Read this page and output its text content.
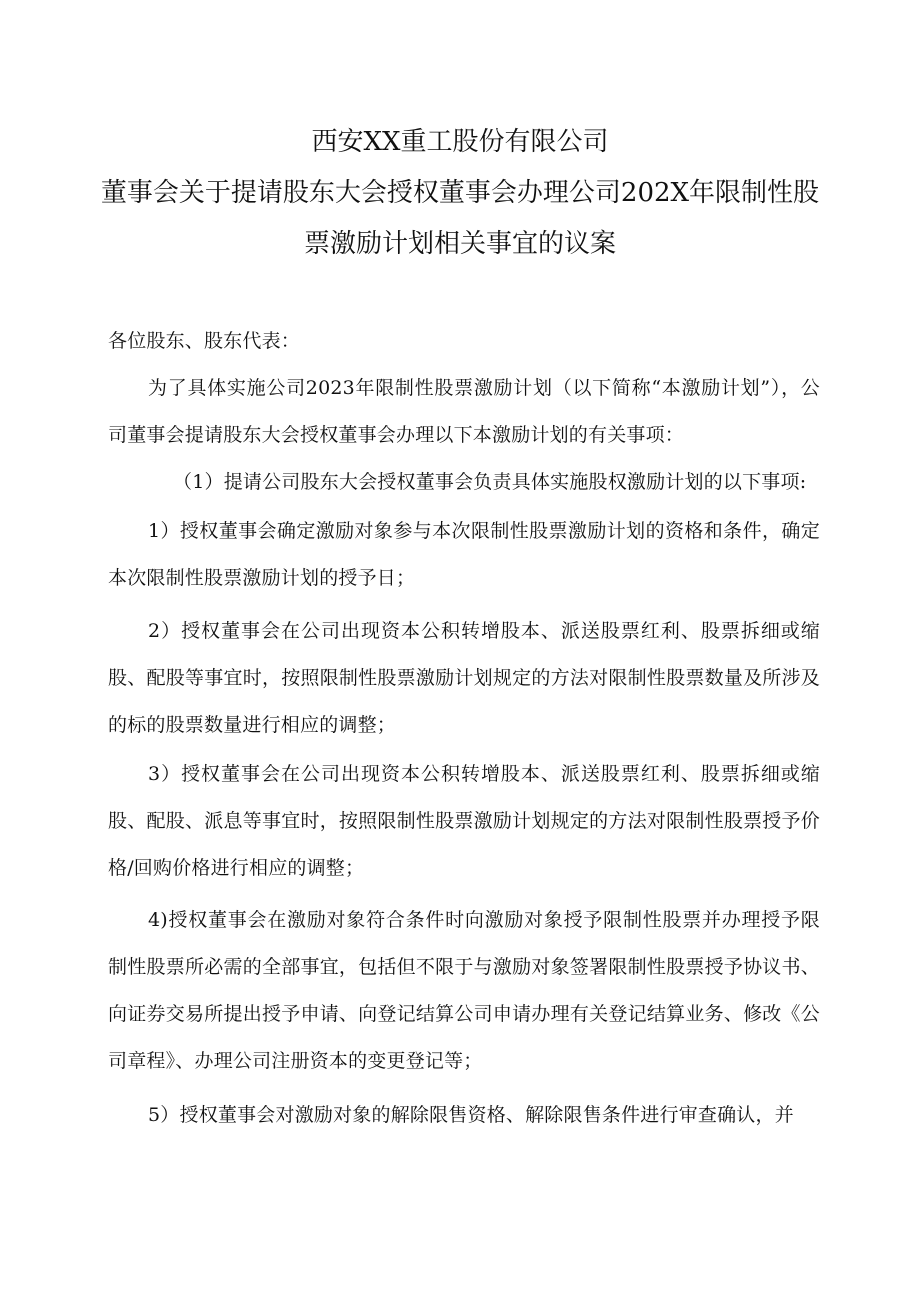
西安XX重工股份有限公司
董事会关于提请股东大会授权董事会办理公司202X年限制性股
票激励计划相关事宜的议案
各位股东、股东代表：
为了具体实施公司2023年限制性股票激励计划（以下简称“本激励计划”），公司董事会提请股东大会授权董事会办理以下本激励计划的有关事项：
（1）提请公司股东大会授权董事会负责具体实施股权激励计划的以下事项:
1）授权董事会确定激励对象参与本次限制性股票激励计划的资格和条件，确定本次限制性股票激励计划的授予日；
2）授权董事会在公司出现资本公积转增股本、派送股票红利、股票拆细或缩股、配股等事宜时，按照限制性股票激励计划规定的方法对限制性股票数量及所涉及的标的股票数量进行相应的调整；
3）授权董事会在公司出现资本公积转增股本、派送股票红利、股票拆细或缩股、配股、派息等事宜时，按照限制性股票激励计划规定的方法对限制性股票授予价格/回购价格进行相应的调整；
4)授权董事会在激励对象符合条件时向激励对象授予限制性股票并办理授予限制性股票所必需的全部事宜，包括但不限于与激励对象签署限制性股票授予协议书、向证券交易所提出授予申请、向登记结算公司申请办理有关登记结算业务、修改《公司章程》、办理公司注册资本的变更登记等；
5）授权董事会对激励对象的解除限售资格、解除限售条件进行审查确认，并
